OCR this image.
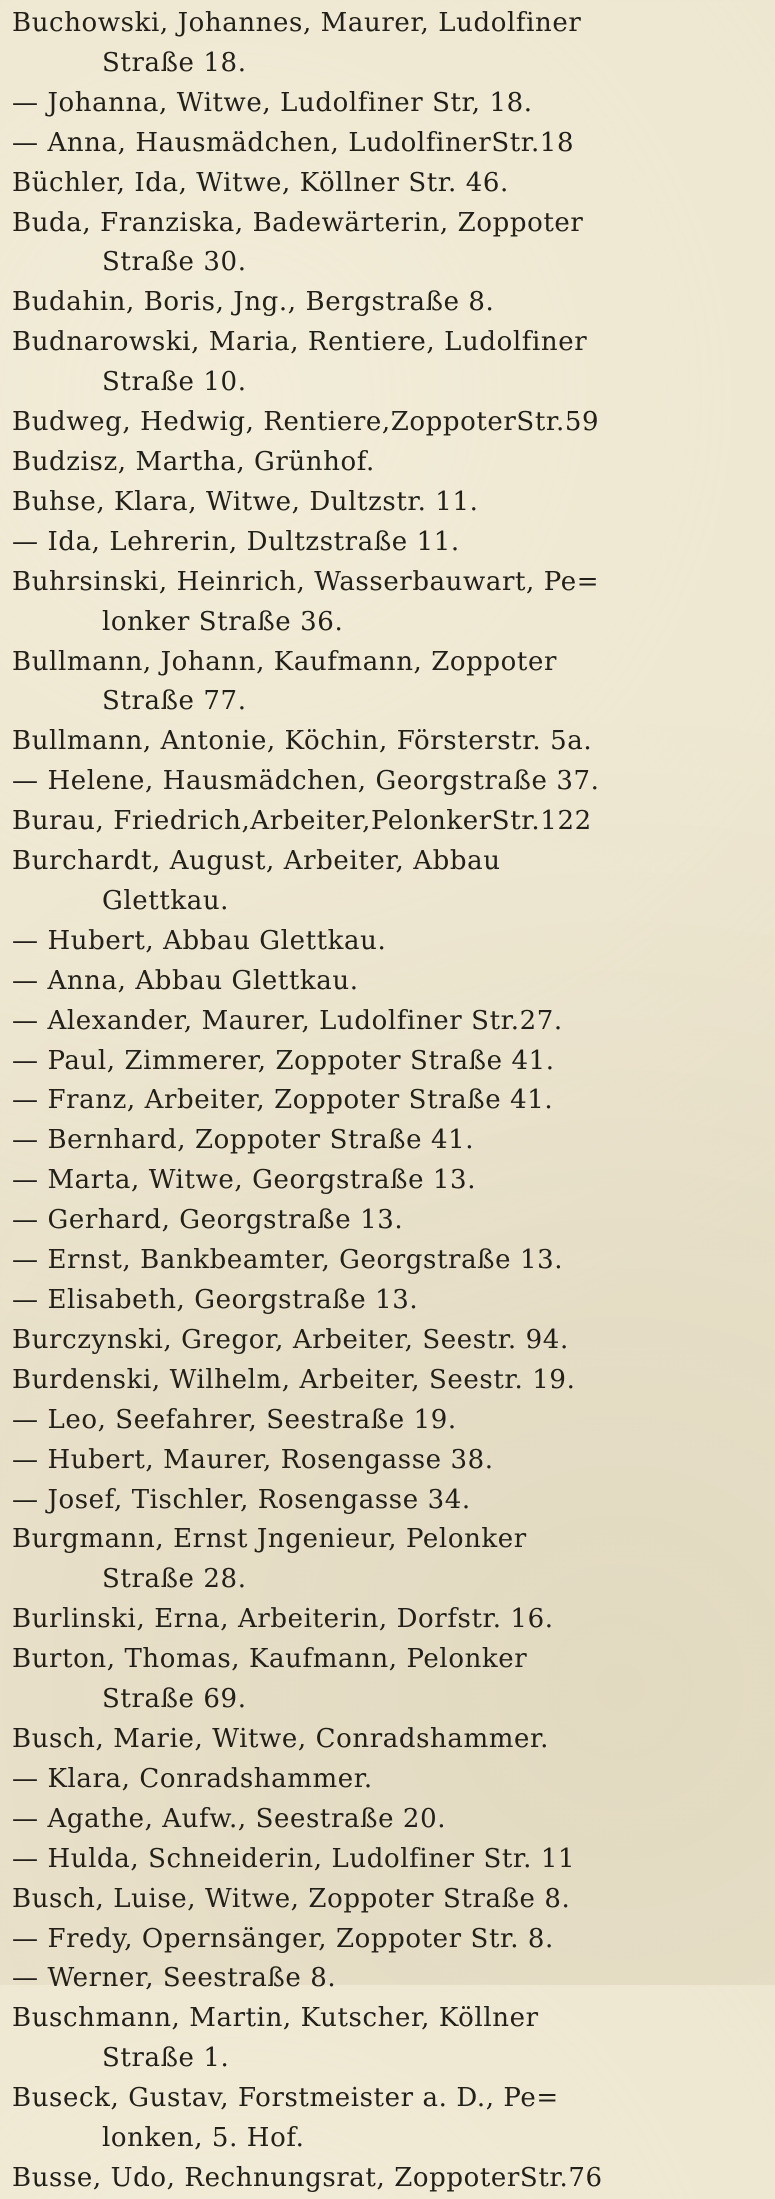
Buchowski, Johannes, Maurer, Ludolfiner
Straße 18.
— Johanna, Witwe, Ludolfiner Str, 18.
— Anna, Hausmädchen, LudolfinerStr.18
Büchler, Ida, Witwe, Köllner Str. 46.
Buda, Franziska, Badewärterin, Zoppoter
Straße 30.
Budahin, Boris, Jng., Bergstraße 8.
Budnarowski, Maria, Rentiere, Ludolfiner
Straße 10.
Budweg, Hedwig, Rentiere,ZoppoterStr.59
Budzisz, Martha, Grünhof.
Buhse, Klara, Witwe, Dultzstr. 11.
— Ida, Lehrerin, Dultzstraße 11.
Buhrsinski, Heinrich, Wasserbauwart, Pe=
lonker Straße 36.
Bullmann, Johann, Kaufmann, Zoppoter
Straße 77.
Bullmann, Antonie, Köchin, Försterstr. 5a.
— Helene, Hausmädchen, Georgstraße 37.
Burau, Friedrich,Arbeiter,PelonkerStr.122
Burchardt, August, Arbeiter, Abbau
Glettkau.
— Hubert, Abbau Glettkau.
— Anna, Abbau Glettkau.
— Alexander, Maurer, Ludolfiner Str.27.
— Paul, Zimmerer, Zoppoter Straße 41.
— Franz, Arbeiter, Zoppoter Straße 41.
— Bernhard, Zoppoter Straße 41.
— Marta, Witwe, Georgstraße 13.
— Gerhard, Georgstraße 13.
— Ernst, Bankbeamter, Georgstraße 13.
— Elisabeth, Georgstraße 13.
Burczynski, Gregor, Arbeiter, Seestr. 94.
Burdenski, Wilhelm, Arbeiter, Seestr. 19.
— Leo, Seefahrer, Seestraße 19.
— Hubert, Maurer, Rosengasse 38.
— Josef, Tischler, Rosengasse 34.
Burgmann, Ernst Jngenieur, Pelonker
Straße 28.
Burlinski, Erna, Arbeiterin, Dorfstr. 16.
Burton, Thomas, Kaufmann, Pelonker
Straße 69.
Busch, Marie, Witwe, Conradshammer.
— Klara, Conradshammer.
— Agathe, Aufw., Seestraße 20.
— Hulda, Schneiderin, Ludolfiner Str. 11
Busch, Luise, Witwe, Zoppoter Straße 8.
— Fredy, Opernsänger, Zoppoter Str. 8.
— Werner, Seestraße 8.
Buschmann, Martin, Kutscher, Köllner
Straße 1.
Buseck, Gustav, Forstmeister a. D., Pe=
lonken, 5. Hof.
Busse, Udo, Rechnungsrat, ZoppoterStr.76
